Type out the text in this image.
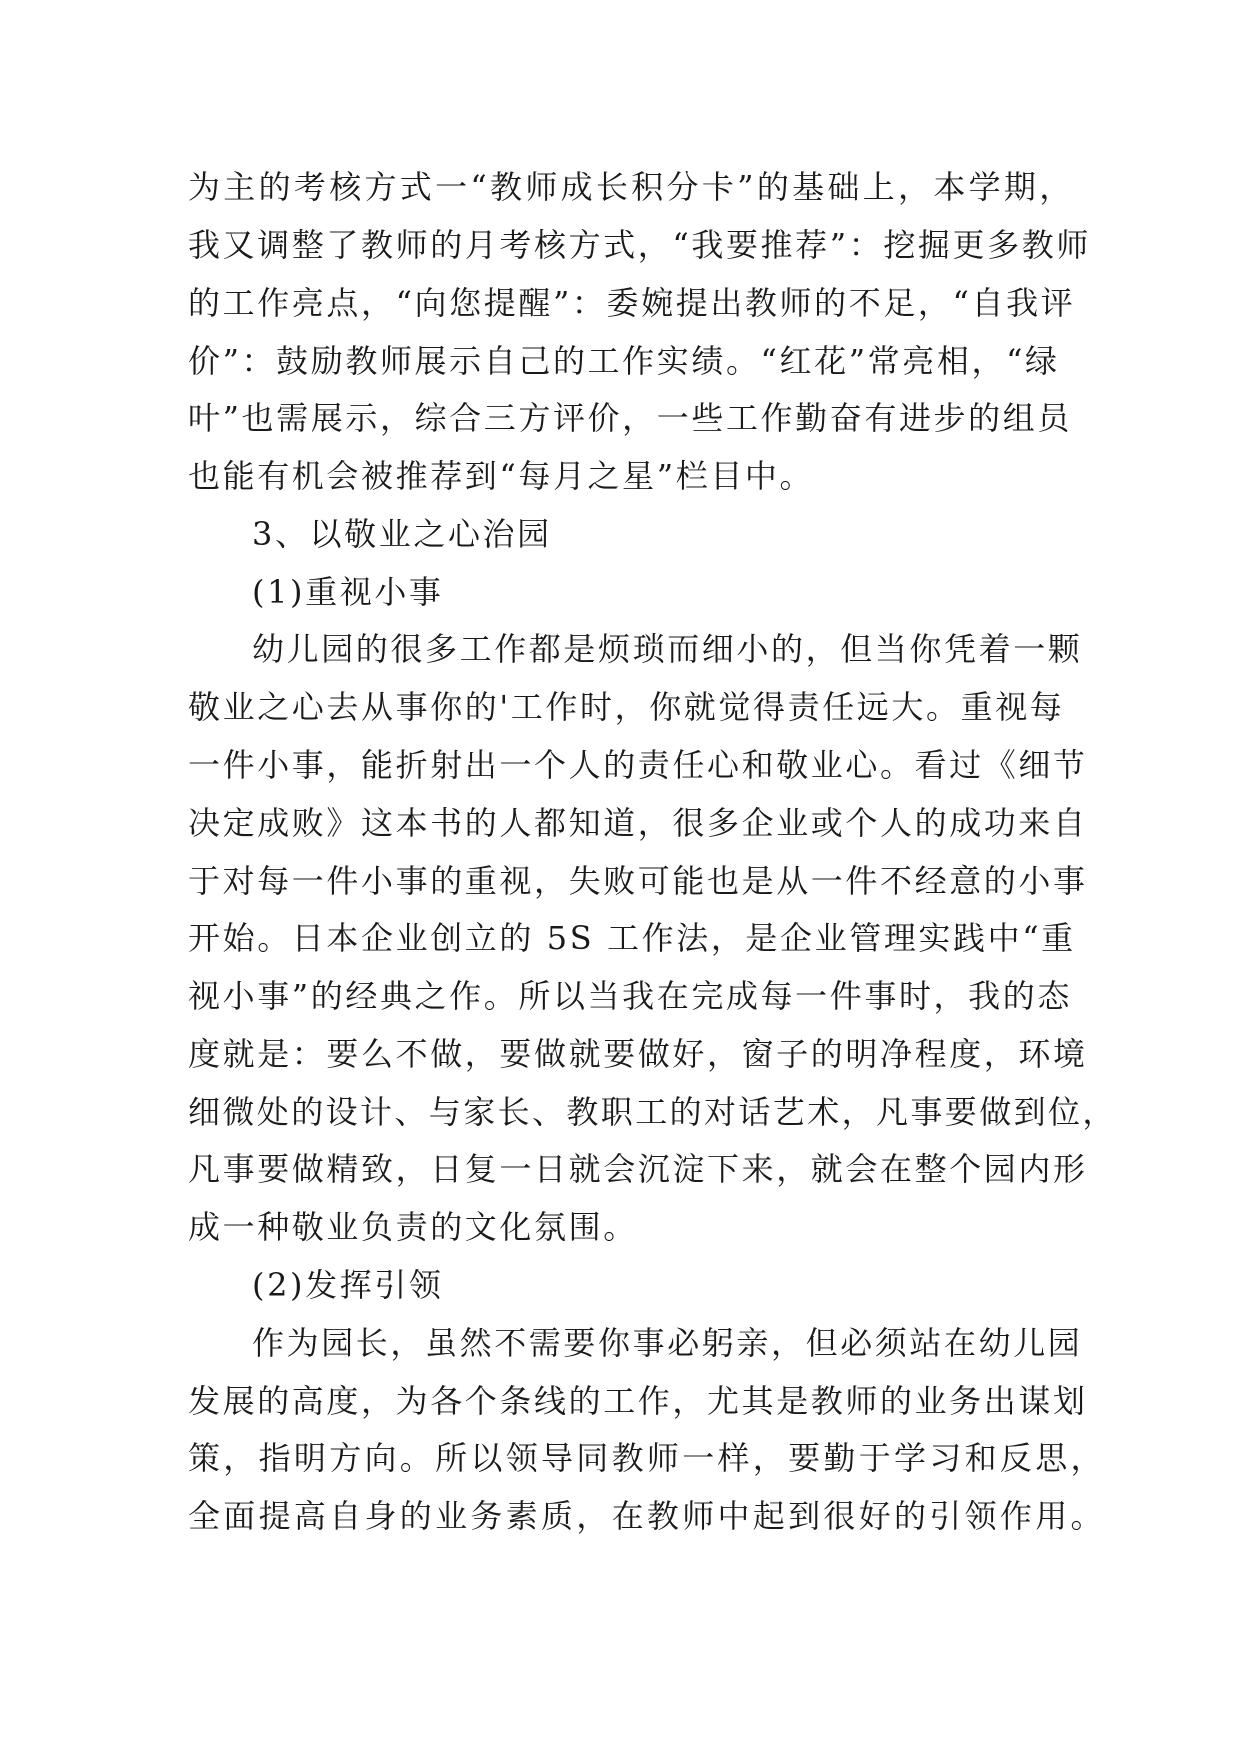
为主的考核方式一“教师成长积分卡”的基础上，本学期，
我又调整了教师的月考核方式，“我要推荐”：挖掘更多教师
的工作亮点，“向您提醒”：委婉提出教师的不足，“自我评
价”：鼓励教师展示自己的工作实绩。“红花”常亮相，“绿
叶”也需展示，综合三方评价，一些工作勤奋有进步的组员
也能有机会被推荐到“每月之星”栏目中。
3、以敬业之心治园
(1)重视小事
幼儿园的很多工作都是烦琐而细小的，但当你凭着一颗
敬业之心去从事你的'工作时，你就觉得责任远大。重视每
一件小事，能折射出一个人的责任心和敬业心。看过《细节
决定成败》这本书的人都知道，很多企业或个人的成功来自
于对每一件小事的重视，失败可能也是从一件不经意的小事
开始。日本企业创立的 5S 工作法，是企业管理实践中“重
视小事”的经典之作。所以当我在完成每一件事时，我的态
度就是：要么不做，要做就要做好，窗子的明净程度，环境
细微处的设计、与家长、教职工的对话艺术，凡事要做到位，
凡事要做精致，日复一日就会沉淀下来，就会在整个园内形
成一种敬业负责的文化氛围。
(2)发挥引领
作为园长，虽然不需要你事必躬亲，但必须站在幼儿园
发展的高度，为各个条线的工作，尤其是教师的业务出谋划
策，指明方向。所以领导同教师一样，要勤于学习和反思，
全面提高自身的业务素质，在教师中起到很好的引领作用。
